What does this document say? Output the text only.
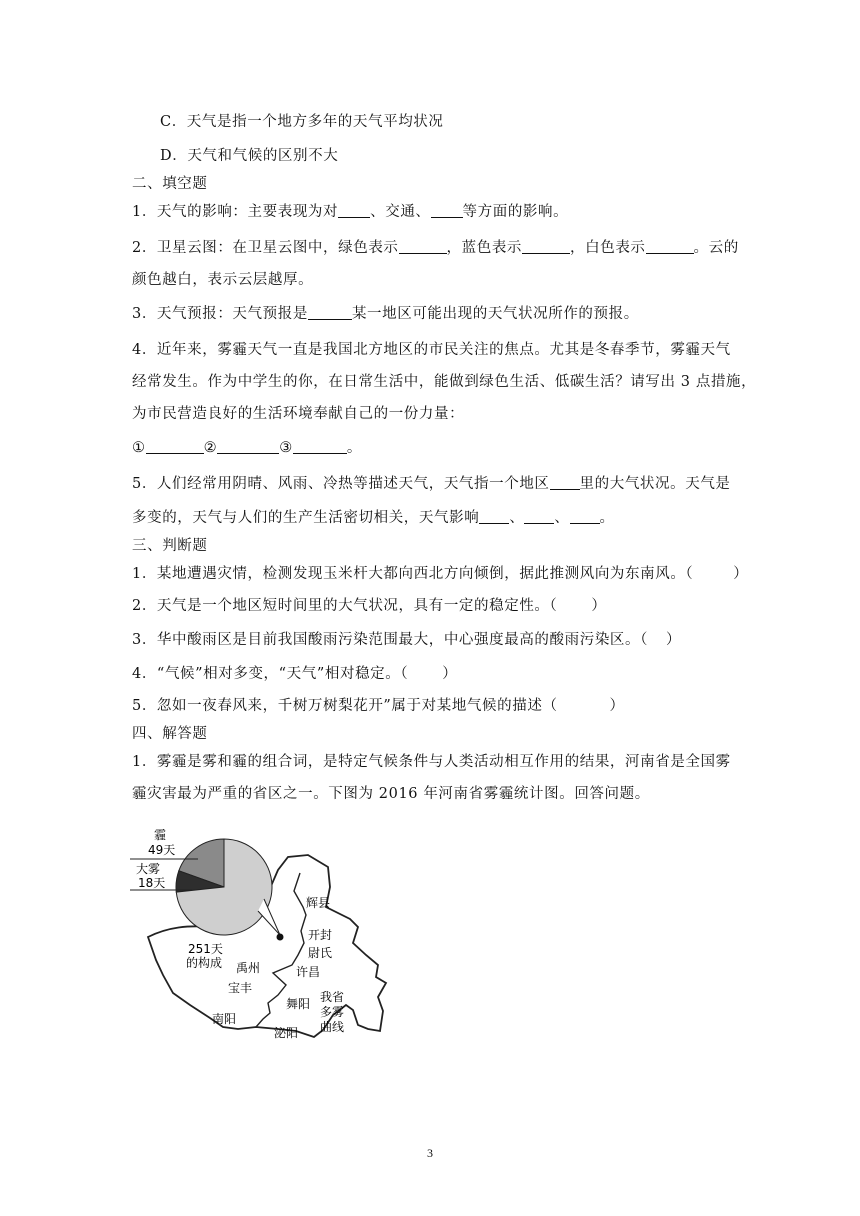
C．天气是指一个地方多年的天气平均状况
D．天气和气候的区别不大
二、填空题
1．天气的影响：主要表现为对 、交通、 等方面的影响。
2．卫星云图：在卫星云图中，绿色表示	，蓝色表示	，白色表示	。云的
颜色越白，表示云层越厚。
3．天气预报：天气预报是	某一地区可能出现的天气状况所作的预报。
4．近年来，雾霾天气一直是我国北方地区的市民关注的焦点。尤其是冬春季节，雾霾天气
经常发生。作为中学生的你，在日常生活中，能做到绿色生活、低碳生活？请写出 3 点措施，
为市民营造良好的生活环境奉献自己的一份力量：
①	②	③	。
5．人们经常用阴晴、风雨、冷热等描述天气，天气指一个地区 里的大气状况。天气是
多变的，天气与人们的生产生活密切相关，天气影响 、 、 。
三、判断题
1．某地遭遇灾情，检测发现玉米杆大都向西北方向倾倒，据此推测风向为东南风。（	）
2．天气是一个地区短时间里的大气状况，具有一定的稳定性。（ ）
3．华中酸雨区是目前我国酸雨污染范围最大，中心强度最高的酸雨污染区。（ ）
4．“气候”相对多变，“天气”相对稳定。（ ）
5．忽如一夜春风来，千树万树梨花开”属于对某地气候的描述（	）
四、解答题
1．雾霾是雾和霾的组合词，是特定气候条件与人类活动相互作用的结果，河南省是全国雾
霾灾害最为严重的省区之一。下图为 2016 年河南省雾霾统计图。回答问题。
霾
49天
大雾
18天
251天
的构成
辉县
开封
尉氏
禹州	许昌
宝丰
舞阳
南阳
泌阳
我省
多雾
曲线
3
